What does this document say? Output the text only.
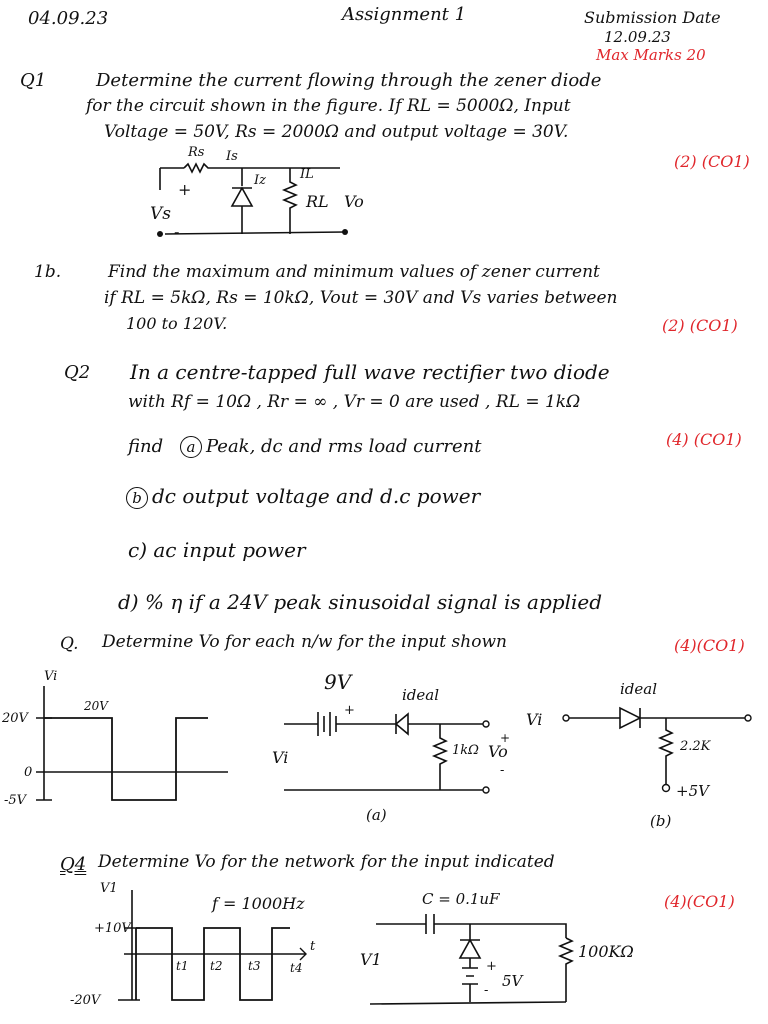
04.09.23	Assignment 1	Submission Date
12.09.23
Max Marks 20
Q1	Determine the current flowing through the zener diode
for the circuit shown in the figure. If RL = 5000Ω, Input
Voltage = 50V, Rs = 2000Ω and output voltage = 30V.
(2) (CO1)
Rs Is
Iz	IL
RL Vo
+
Vs
-
1b.	Find the maximum and minimum values of zener current
if RL = 5kΩ, Rs = 10kΩ, Vout = 30V and Vs varies between
100 to 120V.	(2) (CO1)
Q2 In a centre-tapped full wave rectifier two diode
with Rf = 10Ω , Rr = ∞ , Vr = 0 are used , RL = 1kΩ
find	a Peak, dc and rms load current	(4) (CO1)
b dc output voltage and d.c power
c) ac input power
d) % η if a 24V peak sinusoidal signal is applied
Q. Determine Vo for each n/w for the input shown	(4)(CO1)
Vi
20V
20V
0
-5V
9V
+
ideal
Vi	1kΩ Vo
+
-
(a)
ideal
Vi
2.2K
+5V
(b)
Q4 Determine Vo for the network for the input indicated
(4)(CO1)
V1
f = 1000Hz
+10V
-20V
t1 t2 t3 t4
t
C = 0.1uF
V1	100KΩ
+
5V
-
